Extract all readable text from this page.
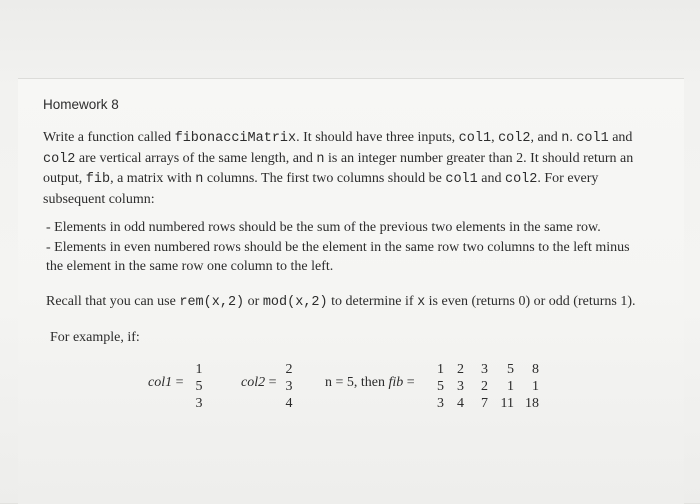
Homework 8

Write a function called fibonacciMatrix. It should have three inputs, col1, col2, and n. col1 and col2 are vertical arrays of the same length, and n is an integer number greater than 2. It should return an output, fib, a matrix with n columns. The first two columns should be col1 and col2. For every subsequent column:

- Elements in odd numbered rows should be the sum of the previous two elements in the same row.
- Elements in even numbered rows should be the element in the same row two columns to the left minus
the element in the same row one column to the left.

Recall that you can use rem(x,2) or mod(x,2) to determine if x is even (returns 0) or odd (returns 1).

For example, if:
col1 =
1
5
3
col2 =
2
3
4
n = 5, then fib =
1 2	3	5	8
5 3	2	1	1
3 4	7 11 18
